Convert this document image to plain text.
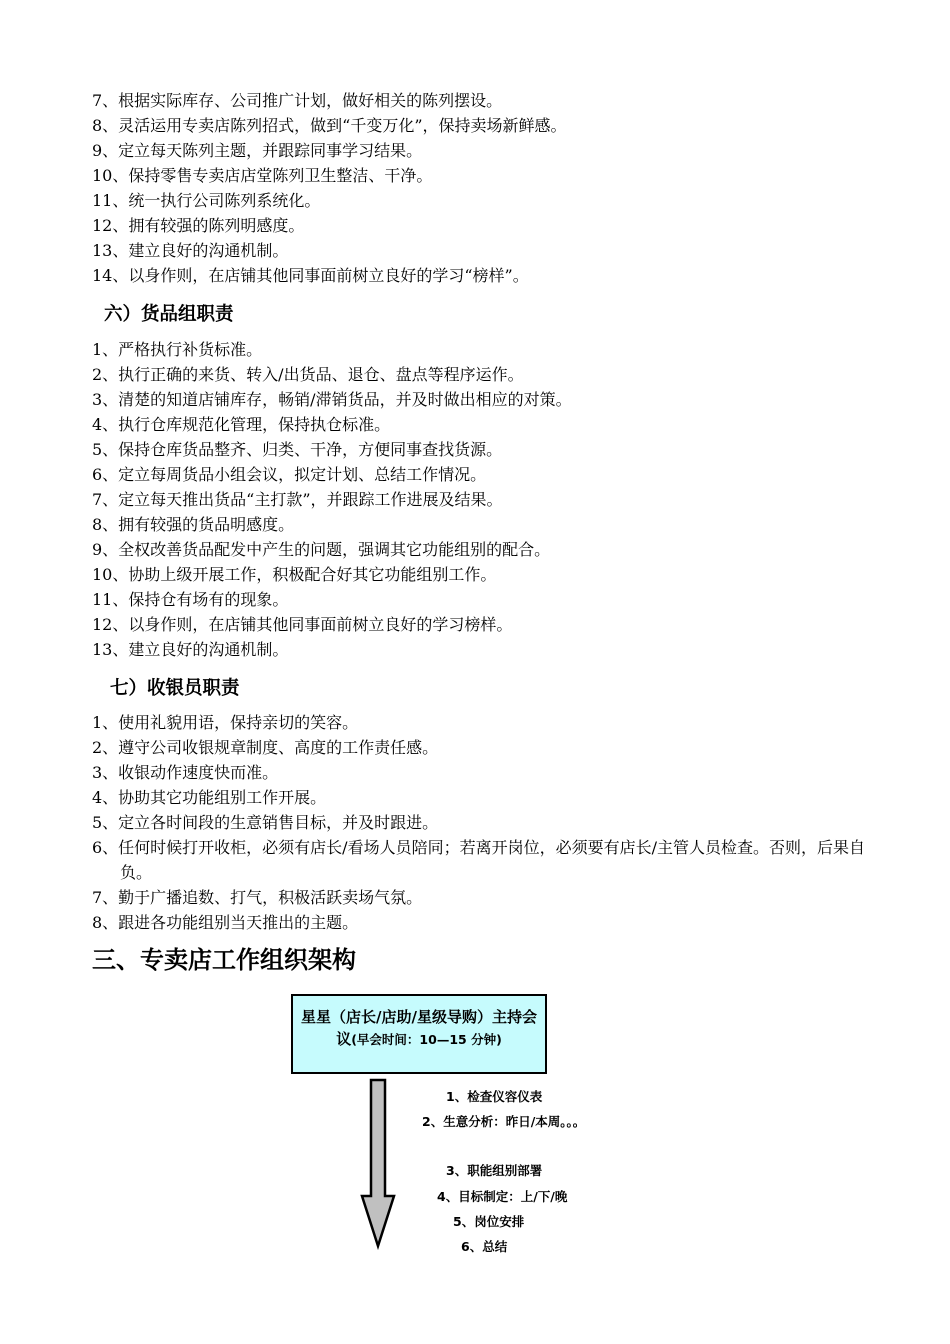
7、根据实际库存、公司推广计划，做好相关的陈列摆设。
8、灵活运用专卖店陈列招式，做到“千变万化”，保持卖场新鲜感。
9、定立每天陈列主题，并跟踪同事学习结果。
10、保持零售专卖店店堂陈列卫生整洁、干净。
11、统一执行公司陈列系统化。
12、拥有较强的陈列明感度。
13、建立良好的沟通机制。
14、以身作则，在店铺其他同事面前树立良好的学习“榜样”。
六）货品组职责
1、严格执行补货标准。
2、执行正确的来货、转入/出货品、退仓、盘点等程序运作。
3、清楚的知道店铺库存，畅销/滞销货品，并及时做出相应的对策。
4、执行仓库规范化管理，保持执仓标准。
5、保持仓库货品整齐、归类、干净，方便同事查找货源。
6、定立每周货品小组会议，拟定计划、总结工作情况。
7、定立每天推出货品“主打款”，并跟踪工作进展及结果。
8、拥有较强的货品明感度。
9、全权改善货品配发中产生的问题，强调其它功能组别的配合。
10、协助上级开展工作，积极配合好其它功能组别工作。
11、保持仓有场有的现象。
12、以身作则，在店铺其他同事面前树立良好的学习榜样。
13、建立良好的沟通机制。
七）收银员职责
1、使用礼貌用语，保持亲切的笑容。
2、遵守公司收银规章制度、高度的工作责任感。
3、收银动作速度快而准。
4、协助其它功能组别工作开展。
5、定立各时间段的生意销售目标，并及时跟进。
6、任何时候打开收柜，必须有店长/看场人员陪同；若离开岗位，必须要有店长/主管人员检查。否则，后果自负。
7、勤于广播追数、打气，积极活跃卖场气氛。
8、跟进各功能组别当天推出的主题。
三、专卖店工作组织架构
星星（店长/店助/星级导购）主持会议(早会时间：10—15 分钟)
1、检查仪容仪表
2、生意分析：昨日/本周。。。
3、职能组别部署
4、目标制定：上/下/晚
5、岗位安排
6、总结
